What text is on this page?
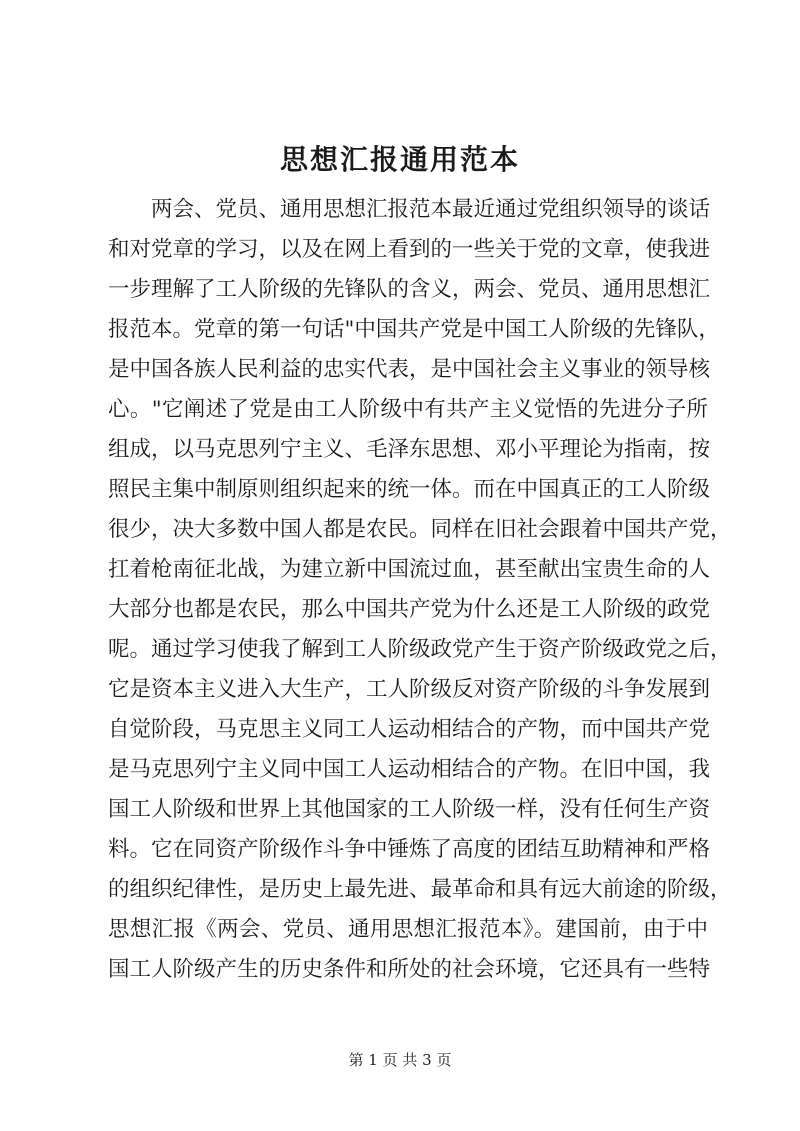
思想汇报通用范本
两会、党员、通用思想汇报范本最近通过党组织领导的谈话
和对党章的学习，以及在网上看到的一些关于党的文章，使我进
一步理解了工人阶级的先锋队的含义，两会、党员、通用思想汇
报范本。党章的第一句话"中国共产党是中国工人阶级的先锋队，
是中国各族人民利益的忠实代表，是中国社会主义事业的领导核
心。"它阐述了党是由工人阶级中有共产主义觉悟的先进分子所
组成，以马克思列宁主义、毛泽东思想、邓小平理论为指南，按
照民主集中制原则组织起来的统一体。而在中国真正的工人阶级
很少，决大多数中国人都是农民。同样在旧社会跟着中国共产党，
扛着枪南征北战，为建立新中国流过血，甚至献出宝贵生命的人
大部分也都是农民，那么中国共产党为什么还是工人阶级的政党
呢。通过学习使我了解到工人阶级政党产生于资产阶级政党之后，
它是资本主义进入大生产，工人阶级反对资产阶级的斗争发展到
自觉阶段，马克思主义同工人运动相结合的产物，而中国共产党
是马克思列宁主义同中国工人运动相结合的产物。在旧中国，我
国工人阶级和世界上其他国家的工人阶级一样，没有任何生产资
料。它在同资产阶级作斗争中锤炼了高度的团结互助精神和严格
的组织纪律性，是历史上最先进、最革命和具有远大前途的阶级，
思想汇报《两会、党员、通用思想汇报范本》。建国前，由于中
国工人阶级产生的历史条件和所处的社会环境，它还具有一些特
第 1 页 共 3 页
